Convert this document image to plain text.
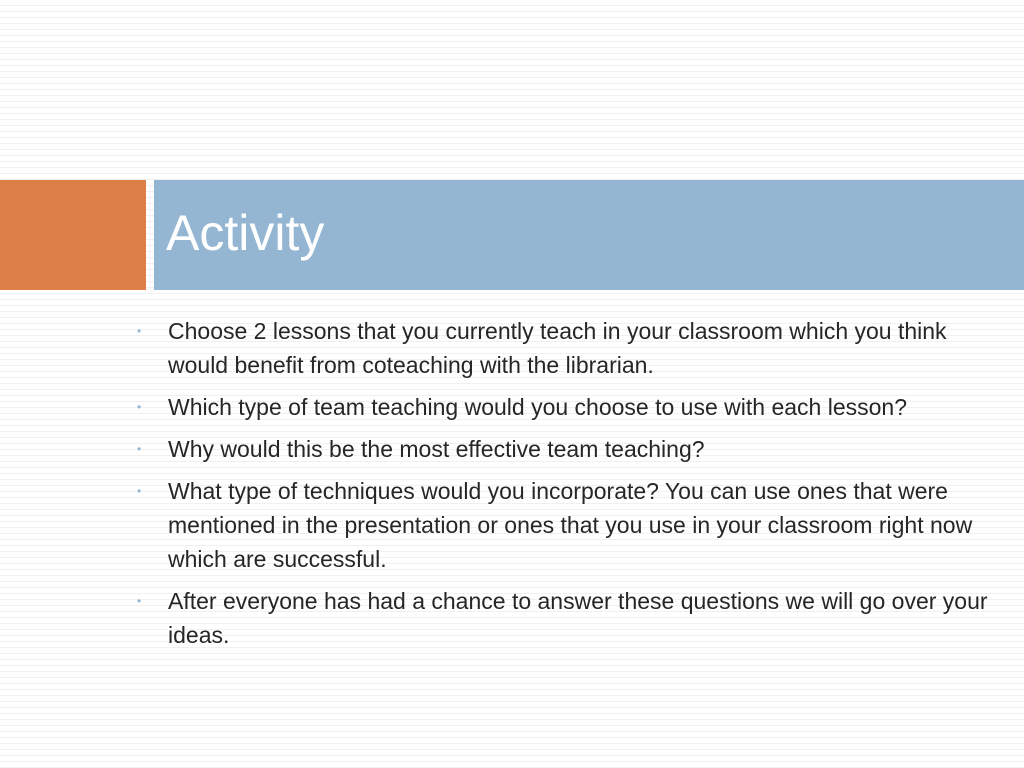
Activity
• Choose 2 lessons that you currently teach in your classroom which you think would benefit from coteaching with the librarian.
• Which type of team teaching would you choose to use with each lesson?
• Why would this be the most effective team teaching?
• What type of techniques would you incorporate? You can use ones that were mentioned in the presentation or ones that you use in your classroom right now which are successful.
• After everyone has had a chance to answer these questions we will go over your ideas.
